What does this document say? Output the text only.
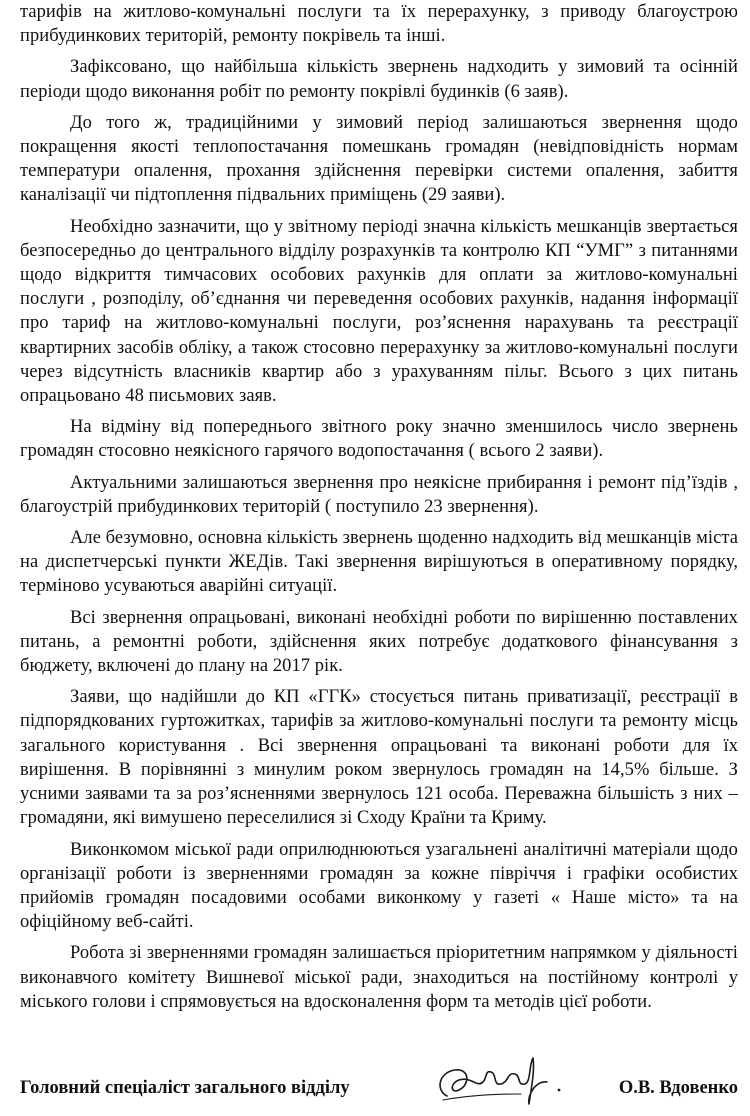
тарифів на житлово-комунальні послуги та їх перерахунку, з приводу благоустрою прибудинкових територій, ремонту покрівель та інші.

Зафіксовано, що найбільша кількість звернень надходить у зимовий та осінній періоди щодо виконання робіт по ремонту покрівлі будинків (6 заяв).

До того ж, традиційними у зимовий період залишаються звернення щодо покращення якості теплопостачання помешкань громадян (невідповідність нормам температури опалення, прохання здійснення перевірки системи опалення, забиття каналізації чи підтоплення підвальних приміщень (29 заяви).

Необхідно зазначити, що у звітному періоді значна кількість мешканців звертається безпосередньо до центрального відділу розрахунків та контролю КП “УМГ” з питаннями щодо відкриття тимчасових особових рахунків для оплати за житлово-комунальні послуги , розподілу, об’єднання чи переведення особових рахунків, надання інформації про тариф на житлово-комунальні послуги, роз’яснення нарахувань та реєстрації квартирних засобів обліку, а також стосовно перерахунку за житлово-комунальні послуги через відсутність власників квартир або з урахуванням пільг. Всього з цих питань опрацьовано 48 письмових заяв.

На відміну від попереднього звітного року значно зменшилось число звернень громадян стосовно неякісного гарячого водопостачання ( всього 2 заяви).

Актуальними залишаються звернення про неякісне прибирання і ремонт під’їздів , благоустрій прибудинкових територій ( поступило 23 звернення).

Але безумовно, основна кількість звернень щоденно надходить від мешканців міста на диспетчерські пункти ЖЕДів. Такі звернення вирішуються в оперативному порядку, терміново усуваються аварійні ситуації.

Всі звернення опрацьовані, виконані необхідні роботи по вирішенню поставлених питань, а ремонтні роботи, здійснення яких потребує додаткового фінансування з бюджету, включені до плану на 2017 рік.

Заяви, що надійшли до КП «ГГК» стосується питань приватизації, реєстрації в підпорядкованих гуртожитках, тарифів за житлово-комунальні послуги та ремонту місць загального користування . Всі звернення опрацьовані та виконані роботи для їх вирішення. В порівнянні з минулим роком звернулось громадян на 14,5% більше. З усними заявами та за роз’ясненнями звернулось 121 особа. Переважна більшість з них – громадяни, які вимушено переселилися зі Сходу Країни та Криму.

Виконкомом міської ради оприлюднюються узагальнені аналітичні матеріали щодо організації роботи із зверненнями громадян за кожне півріччя і графіки особистих прийомів громадян посадовими особами виконкому у газеті « Наше місто» та на офіційному веб-сайті.

Робота зі зверненнями громадян залишається пріоритетним напрямком у діяльності виконавчого комітету Вишневої міської ради, знаходиться на постійному контролі у міського голови і спрямовується на вдосконалення форм та методів цієї роботи.

Головний спеціаліст загального відділу	О.В. Вдовенко
